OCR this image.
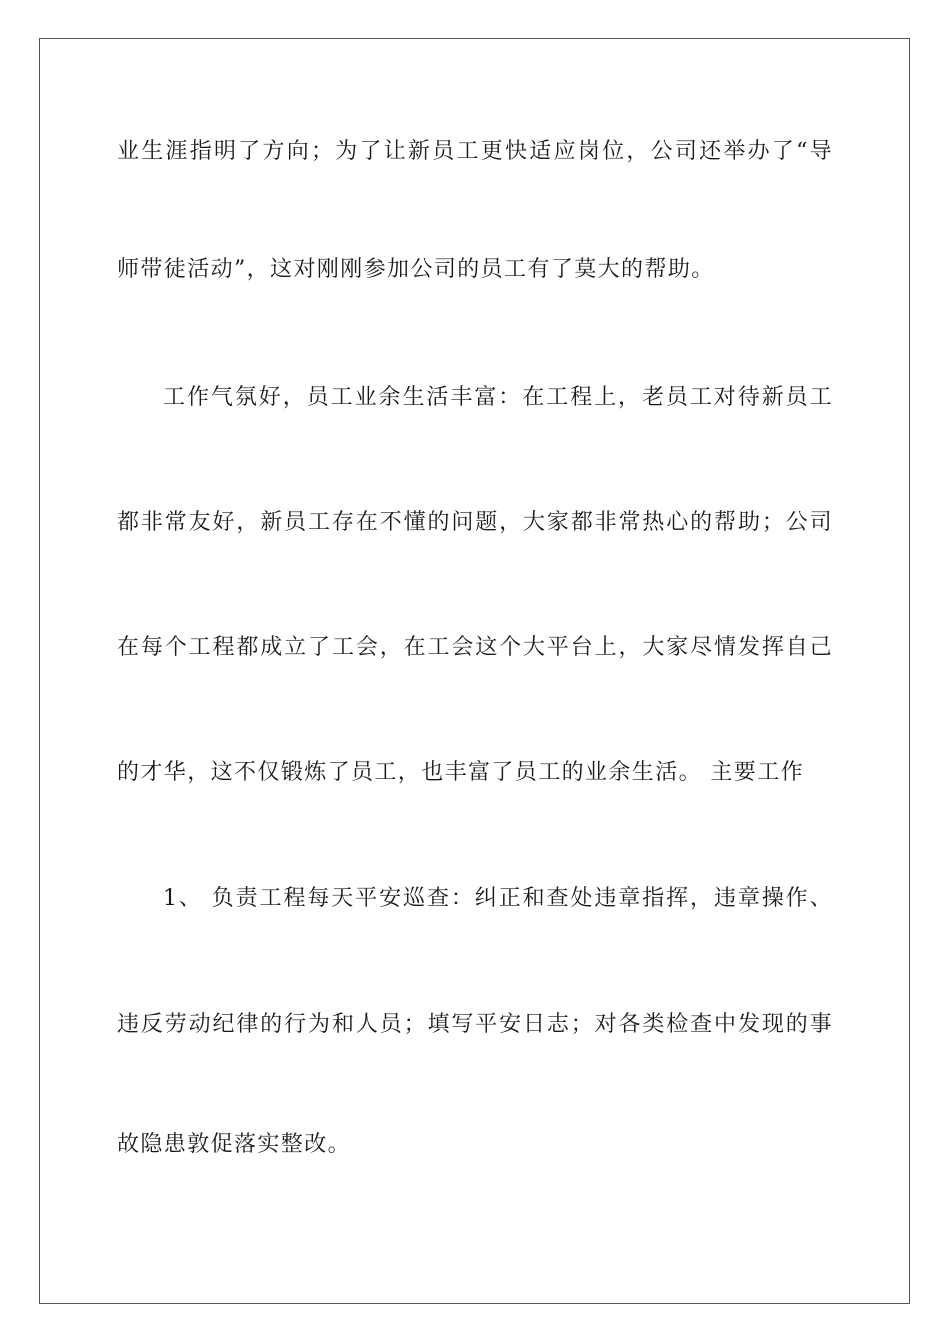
业生涯指明了方向；为了让新员工更快适应岗位，公司还举办了“导
师带徒活动”，这对刚刚参加公司的员工有了莫大的帮助。
工作气氛好，员工业余生活丰富：在工程上，老员工对待新员工
都非常友好，新员工存在不懂的问题，大家都非常热心的帮助；公司
在每个工程都成立了工会，在工会这个大平台上，大家尽情发挥自己
的才华，这不仅锻炼了员工，也丰富了员工的业余生活。 主要工作
1、 负责工程每天平安巡查：纠正和查处违章指挥，违章操作、
违反劳动纪律的行为和人员；填写平安日志；对各类检查中发现的事
故隐患敦促落实整改。
